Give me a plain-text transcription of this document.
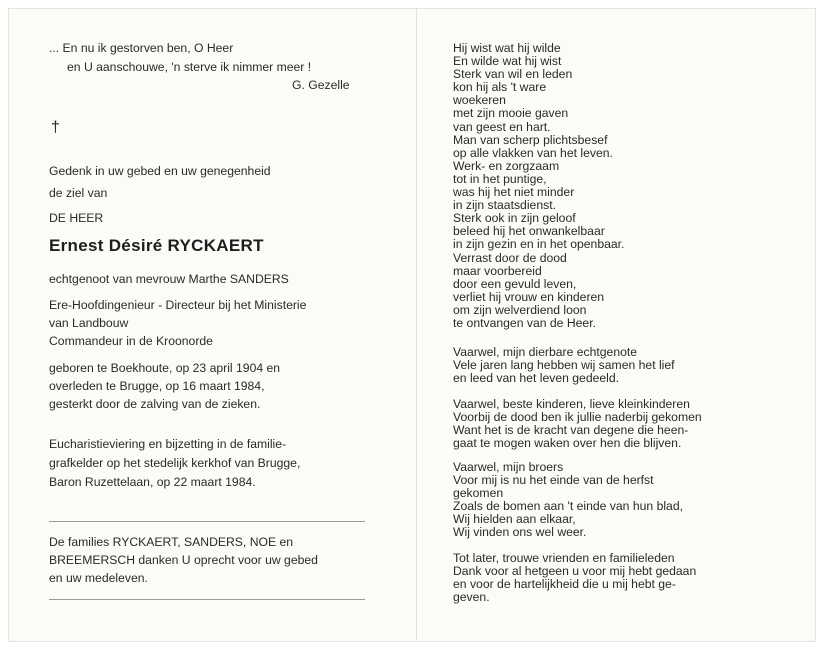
... En nu ik gestorven ben, O Heer
en U aanschouwe, 'n sterve ik nimmer meer !
G. Gezelle
†
Gedenk in uw gebed en uw genegenheid
de ziel van
DE HEER
Ernest Désiré RYCKAERT
echtgenoot van mevrouw Marthe SANDERS
Ere-Hoofdingenieur - Directeur bij het Ministerie
van Landbouw
Commandeur in de Kroonorde
geboren te Boekhoute, op 23 april 1904 en
overleden te Brugge, op 16 maart 1984,
gesterkt door de zalving van de zieken.
Eucharistieviering en bijzetting in de familie-
grafkelder op het stedelijk kerkhof van Brugge,
Baron Ruzettelaan, op 22 maart 1984.
De families RYCKAERT, SANDERS, NOE en
BREEMERSCH danken U oprecht voor uw gebed
en uw medeleven.
Hij wist wat hij wilde
En wilde wat hij wist
Sterk van wil en leden
kon hij als 't ware
woekeren
met zijn mooie gaven
van geest en hart.
Man van scherp plichtsbesef
op alle vlakken van het leven.
Werk- en zorgzaam
tot in het puntige,
was hij het niet minder
in zijn staatsdienst.
Sterk ook in zijn geloof
beleed hij het onwankelbaar
in zijn gezin en in het openbaar.
Verrast door de dood
maar voorbereid
door een gevuld leven,
verliet hij vrouw en kinderen
om zijn welverdiend loon
te ontvangen van de Heer.
Vaarwel, mijn dierbare echtgenote
Vele jaren lang hebben wij samen het lief
en leed van het leven gedeeld.
Vaarwel, beste kinderen, lieve kleinkinderen
Voorbij de dood ben ik jullie naderbij gekomen
Want het is de kracht van degene die heen-
gaat te mogen waken over hen die blijven.
Vaarwel, mijn broers
Voor mij is nu het einde van de herfst
gekomen
Zoals de bomen aan 't einde van hun blad,
Wij hielden aan elkaar,
Wij vinden ons wel weer.
Tot later, trouwe vrienden en familieleden
Dank voor al hetgeen u voor mij hebt gedaan
en voor de hartelijkheid die u mij hebt ge-
geven.
